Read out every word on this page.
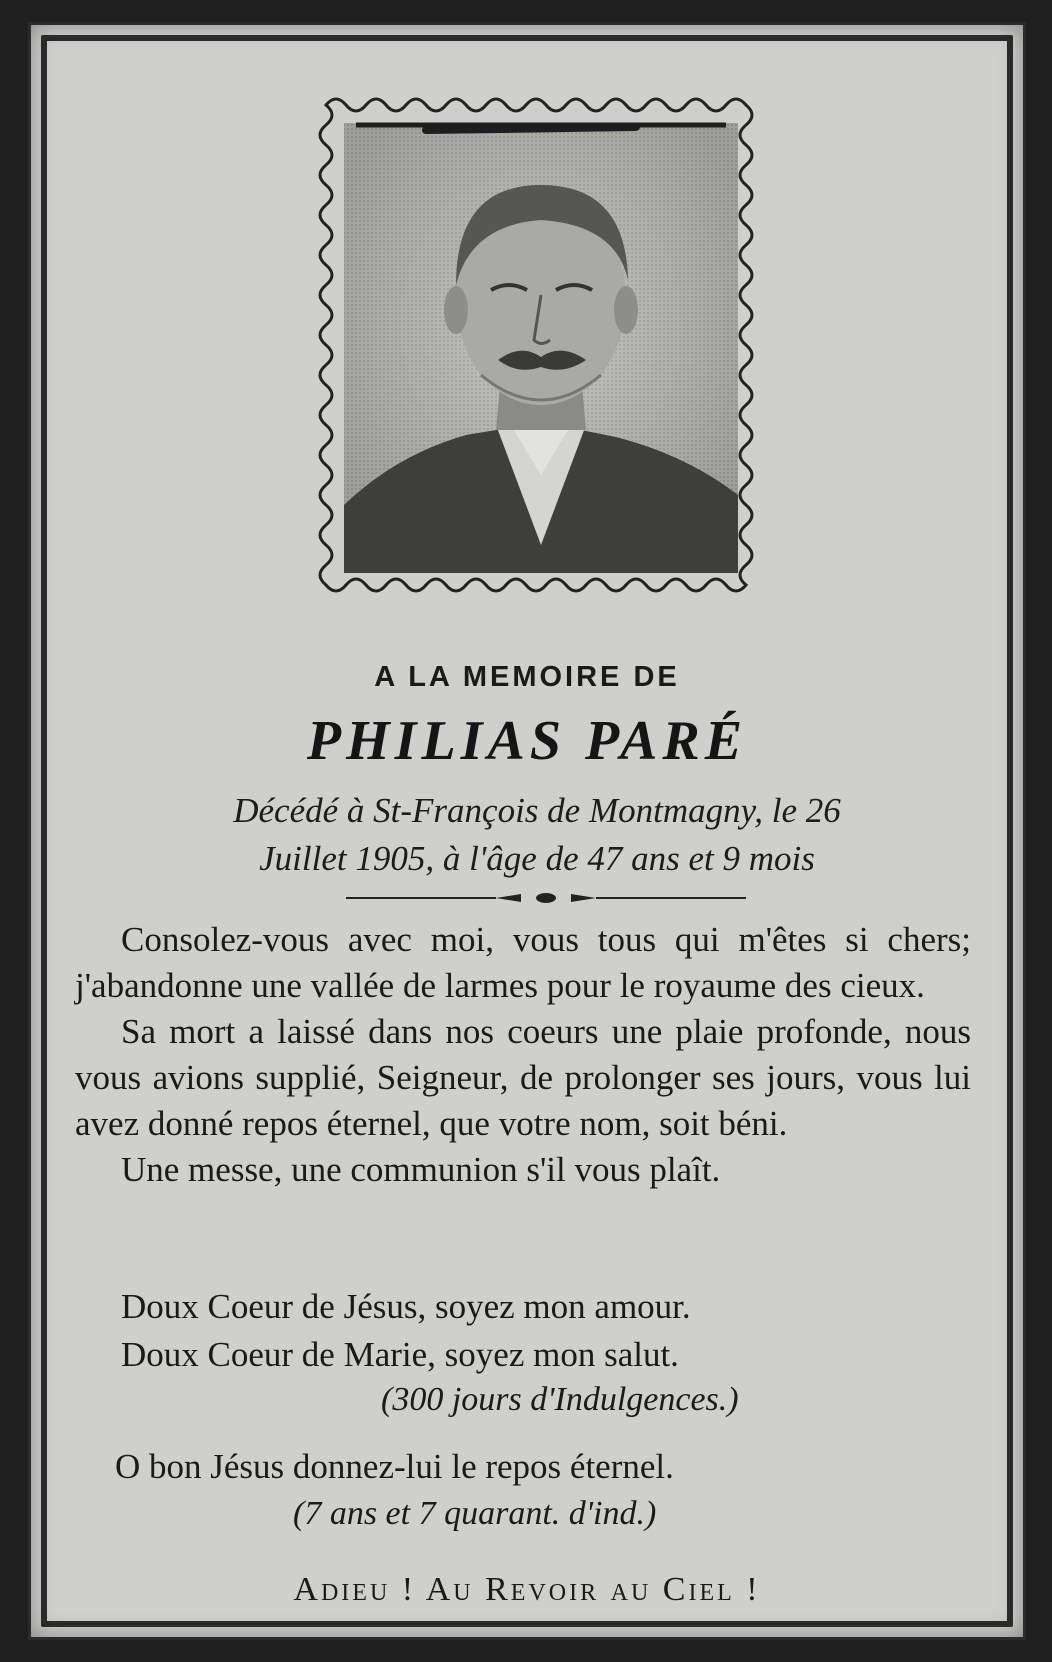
A LA MEMOIRE DE
PHILIAS PARÉ
Décédé à St-François de Montmagny, le 26
Juillet 1905, à l'âge de 47 ans et 9 mois

Consolez-vous avec moi, vous tous qui m'êtes si chers; j'abandonne une vallée de larmes pour le royaume des cieux.

Sa mort a laissé dans nos coeurs une plaie profonde, nous vous avions supplié, Seigneur, de prolonger ses jours, vous lui avez donné repos éternel, que votre nom, soit béni.

Une messe, une communion s'il vous plaît.

Doux Coeur de Jésus, soyez mon amour.
Doux Coeur de Marie, soyez mon salut.
(300 jours d'Indulgences.)
O bon Jésus donnez-lui le repos éternel.
(7 ans et 7 quarant. d'ind.)
Adieu ! Au Revoir au Ciel !
